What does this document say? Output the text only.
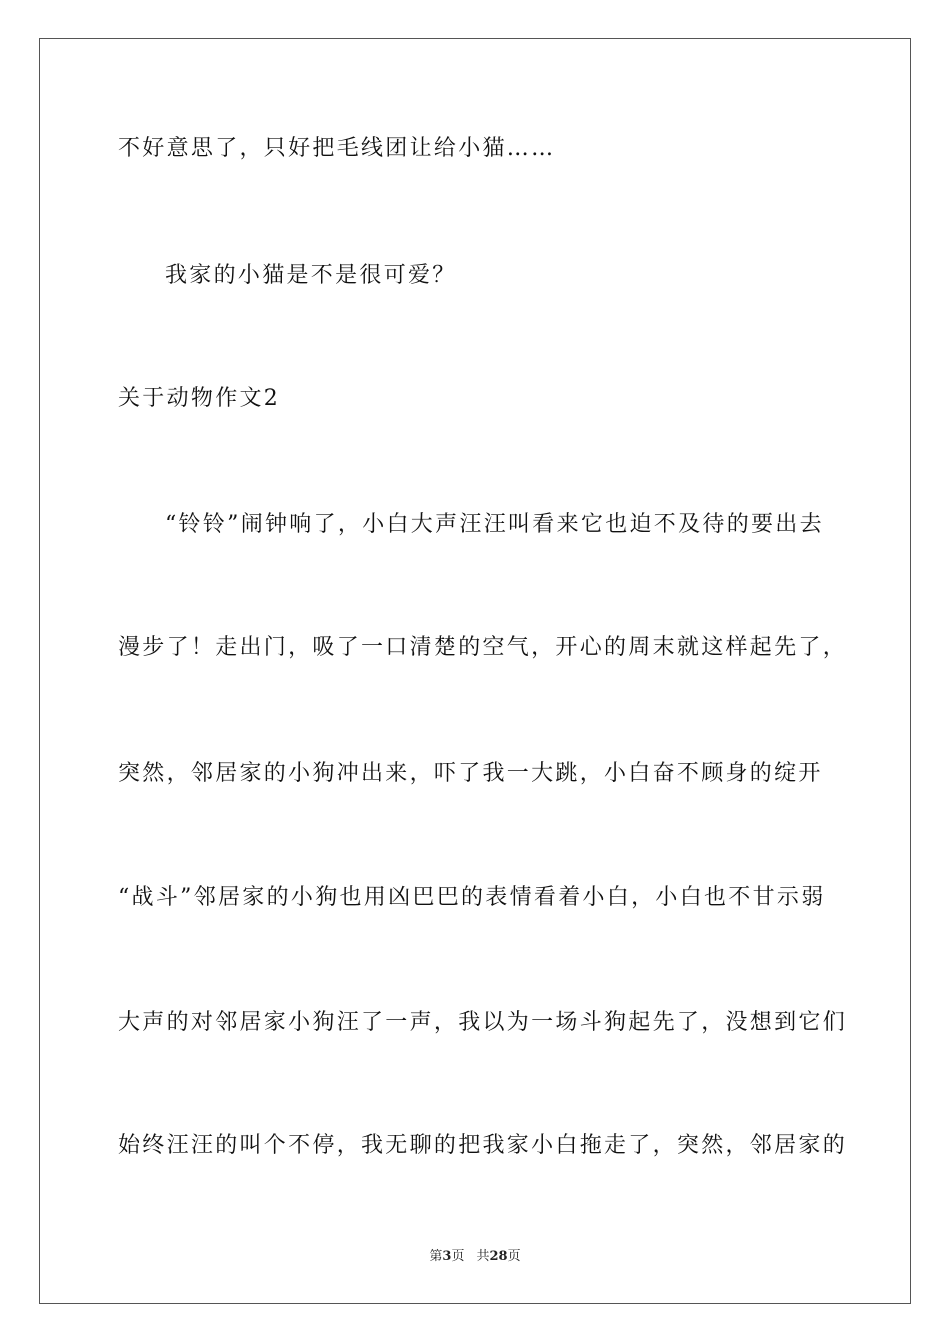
不好意思了，只好把毛线团让给小猫……
我家的小猫是不是很可爱？
关于动物作文2
“铃铃”闹钟响了，小白大声汪汪叫看来它也迫不及待的要出去
漫步了！走出门，吸了一口清楚的空气，开心的周末就这样起先了，
突然，邻居家的小狗冲出来，吓了我一大跳，小白奋不顾身的绽开
“战斗”邻居家的小狗也用凶巴巴的表情看着小白，小白也不甘示弱
大声的对邻居家小狗汪了一声，我以为一场斗狗起先了，没想到它们
始终汪汪的叫个不停，我无聊的把我家小白拖走了，突然，邻居家的
第3页 共28页
